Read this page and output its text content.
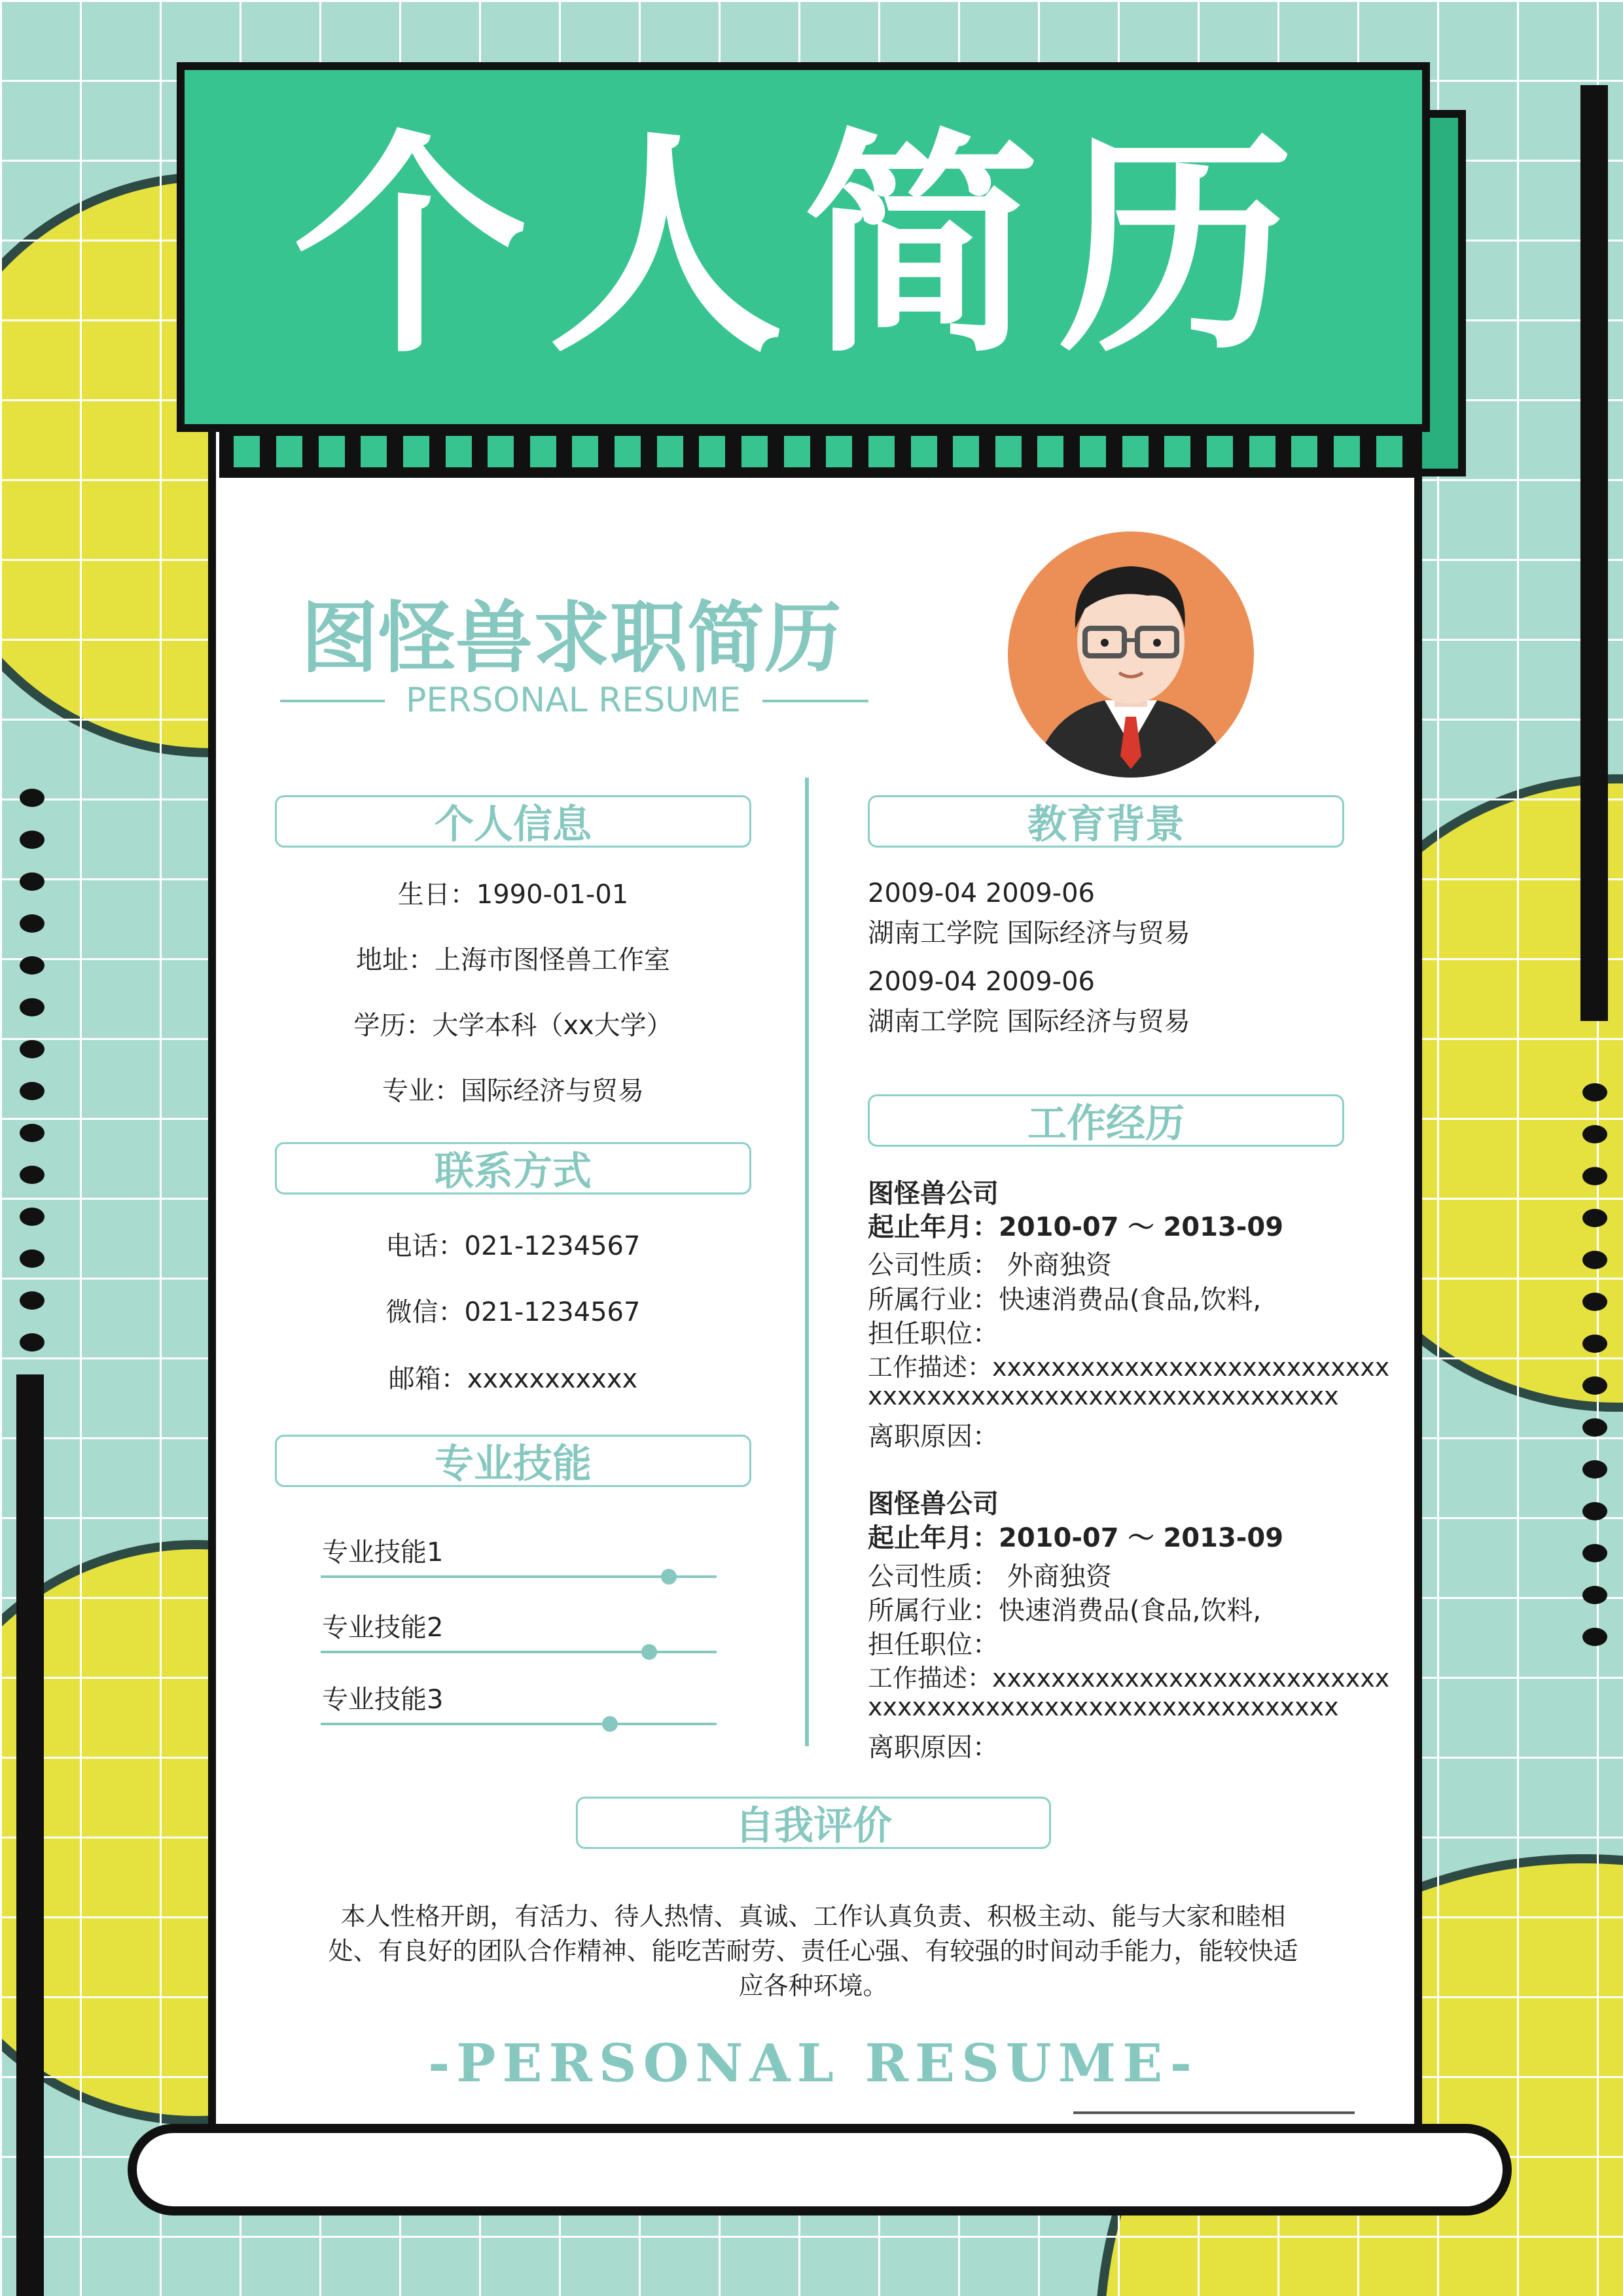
个人简历
图怪兽求职简历
PERSONAL RESUME
个人信息
生日：1990-01-01
地址：上海市图怪兽工作室
学历：大学本科（xx大学）
专业：国际经济与贸易
联系方式
电话：021-1234567
微信：021-1234567
邮箱：xxxxxxxxxxx
专业技能
专业技能1
专业技能2
专业技能3
教育背景
2009-04 2009-06
湖南工学院 国际经济与贸易
2009-04 2009-06
湖南工学院 国际经济与贸易
工作经历
图怪兽公司
起止年月：2010-07 ～ 2013-09
公司性质： 外商独资
所属行业：快速消费品(食品,饮料,
担任职位：
工作描述：xxxxxxxxxxxxxxxxxxxxxxxxxxx
xxxxxxxxxxxxxxxxxxxxxxxxxxxxxxxx
离职原因：
图怪兽公司
起止年月：2010-07 ～ 2013-09
公司性质： 外商独资
所属行业：快速消费品(食品,饮料,
担任职位：
工作描述：xxxxxxxxxxxxxxxxxxxxxxxxxxx
xxxxxxxxxxxxxxxxxxxxxxxxxxxxxxxx
离职原因：
自我评价
本人性格开朗，有活力、待人热情、真诚、工作认真负责、积极主动、能与大家和睦相
处、有良好的团队合作精神、能吃苦耐劳、责任心强、有较强的时间动手能力，能较快适
应各种环境。
-PERSONAL RESUME-
